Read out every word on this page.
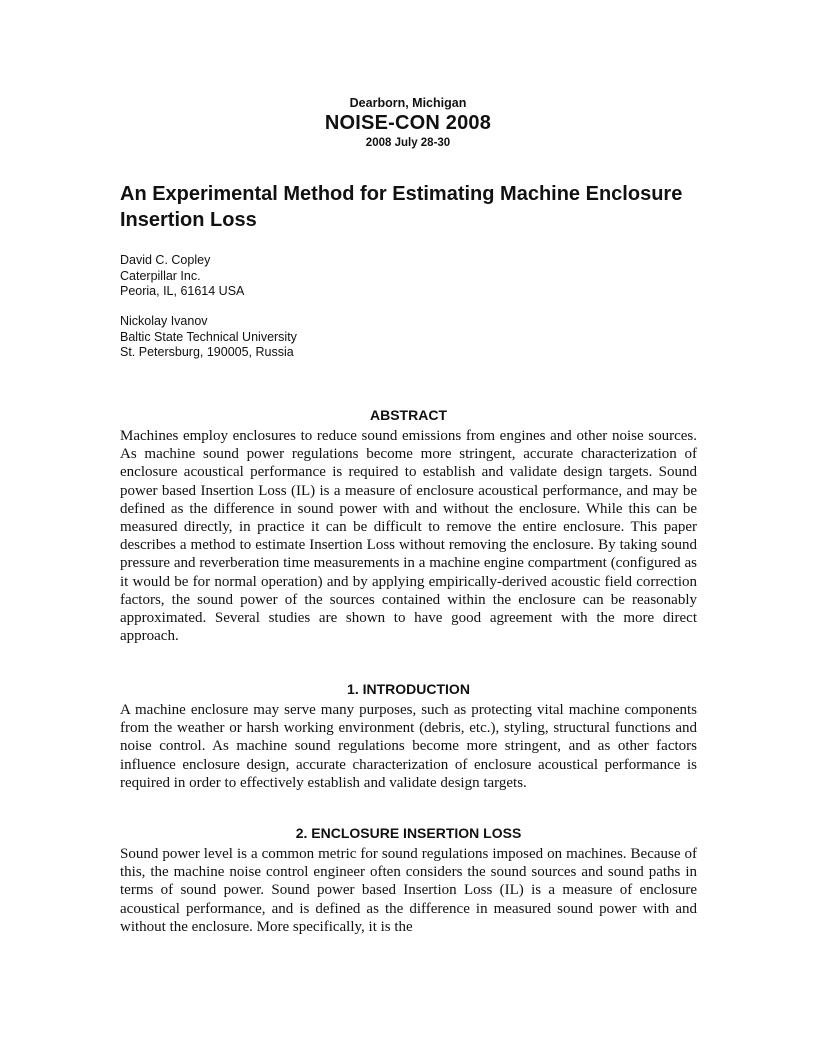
Dearborn, Michigan
NOISE-CON 2008
2008 July 28-30
An Experimental Method for Estimating Machine Enclosure Insertion Loss
David C. Copley
Caterpillar Inc.
Peoria, IL, 61614 USA
Nickolay Ivanov
Baltic State Technical University
St. Petersburg, 190005, Russia
ABSTRACT

Machines employ enclosures to reduce sound emissions from engines and other noise sources. As machine sound power regulations become more stringent, accurate characterization of enclosure acoustical performance is required to establish and validate design targets. Sound power based Insertion Loss (IL) is a measure of enclosure acoustical performance, and may be defined as the difference in sound power with and without the enclosure. While this can be measured directly, in practice it can be difficult to remove the entire enclosure. This paper describes a method to estimate Insertion Loss without removing the enclosure. By taking sound pressure and reverberation time measurements in a machine engine compartment (configured as it would be for normal operation) and by applying empirically-derived acoustic field correction factors, the sound power of the sources contained within the enclosure can be reasonably approximated. Several studies are shown to have good agreement with the more direct approach.

1. INTRODUCTION

A machine enclosure may serve many purposes, such as protecting vital machine components from the weather or harsh working environment (debris, etc.), styling, structural functions and noise control. As machine sound regulations become more stringent, and as other factors influence enclosure design, accurate characterization of enclosure acoustical performance is required in order to effectively establish and validate design targets.

2. ENCLOSURE INSERTION LOSS

Sound power level is a common metric for sound regulations imposed on machines. Because of this, the machine noise control engineer often considers the sound sources and sound paths in terms of sound power. Sound power based Insertion Loss (IL) is a measure of enclosure acoustical performance, and is defined as the difference in measured sound power with and without the enclosure. More specifically, it is the
